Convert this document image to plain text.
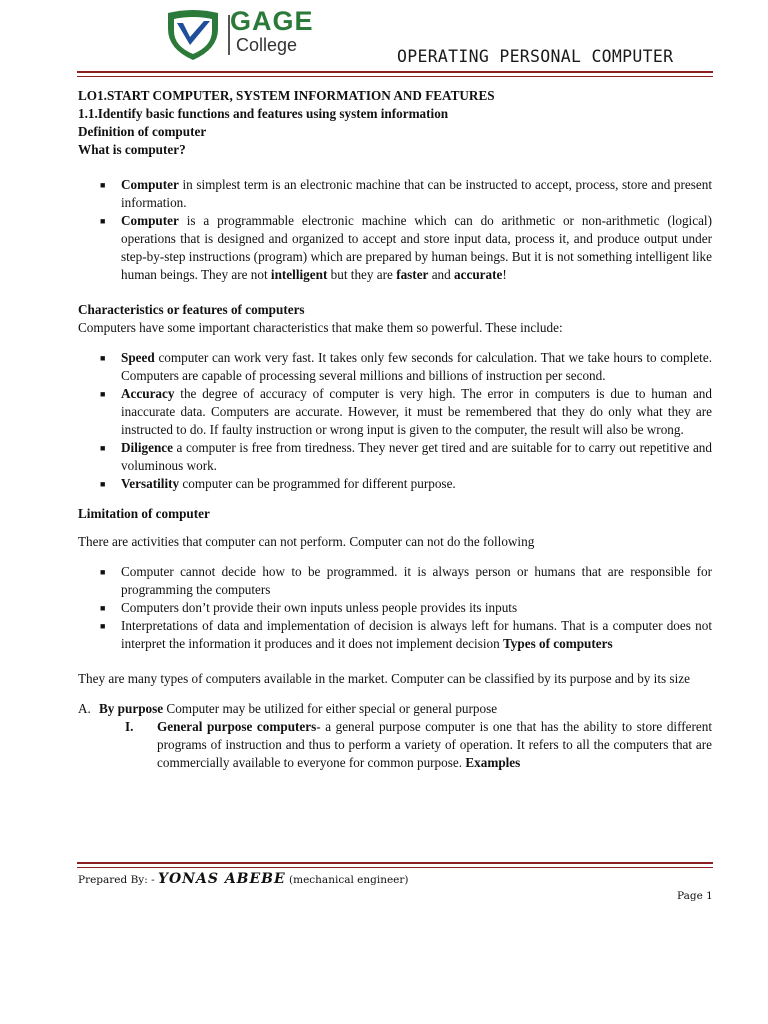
GAGE
College
OPERATING PERSONAL COMPUTER

LO1.START COMPUTER, SYSTEM INFORMATION AND FEATURES

1.1.Identify basic functions and features using system information

Definition of computer

What is computer?

■ Computer in simplest term is an electronic machine that can be instructed to accept, process, store and present information.
■ Computer is a programmable electronic machine which can do arithmetic or non-arithmetic (logical) operations that is designed and organized to accept and store input data, process it, and produce output under step-by-step instructions (program) which are prepared by human beings. But it is not something intelligent like human beings. They are not intelligent but they are faster and accurate!

Characteristics or features of computers

Computers have some important characteristics that make them so powerful. These include:

■ Speed computer can work very fast. It takes only few seconds for calculation. That we take hours to complete. Computers are capable of processing several millions and billions of instruction per second.
■ Accuracy the degree of accuracy of computer is very high. The error in computers is due to human and inaccurate data. Computers are accurate. However, it must be remembered that they do only what they are instructed to do. If faulty instruction or wrong input is given to the computer, the result will also be wrong.
■ Diligence a computer is free from tiredness. They never get tired and are suitable for to carry out repetitive and voluminous work.
■ Versatility computer can be programmed for different purpose.

Limitation of computer

There are activities that computer can not perform. Computer can not do the following

■ Computer cannot decide how to be programmed. it is always person or humans that are responsible for programming the computers
■ Computers don’t provide their own inputs unless people provides its inputs
■ Interpretations of data and implementation of decision is always left for humans. That is a computer does not interpret the information it produces and it does not implement decision Types of computers

They are many types of computers available in the market. Computer can be classified by its purpose and by its size

A. By purpose Computer may be utilized for either special or general purpose

I. General purpose computers- a general purpose computer is one that has the ability to store different programs of instruction and thus to perform a variety of operation. It refers to all the computers that are commercially available to everyone for common purpose. Examples

Prepared By: - YONAS ABEBE (mechanical engineer)
Page 1
